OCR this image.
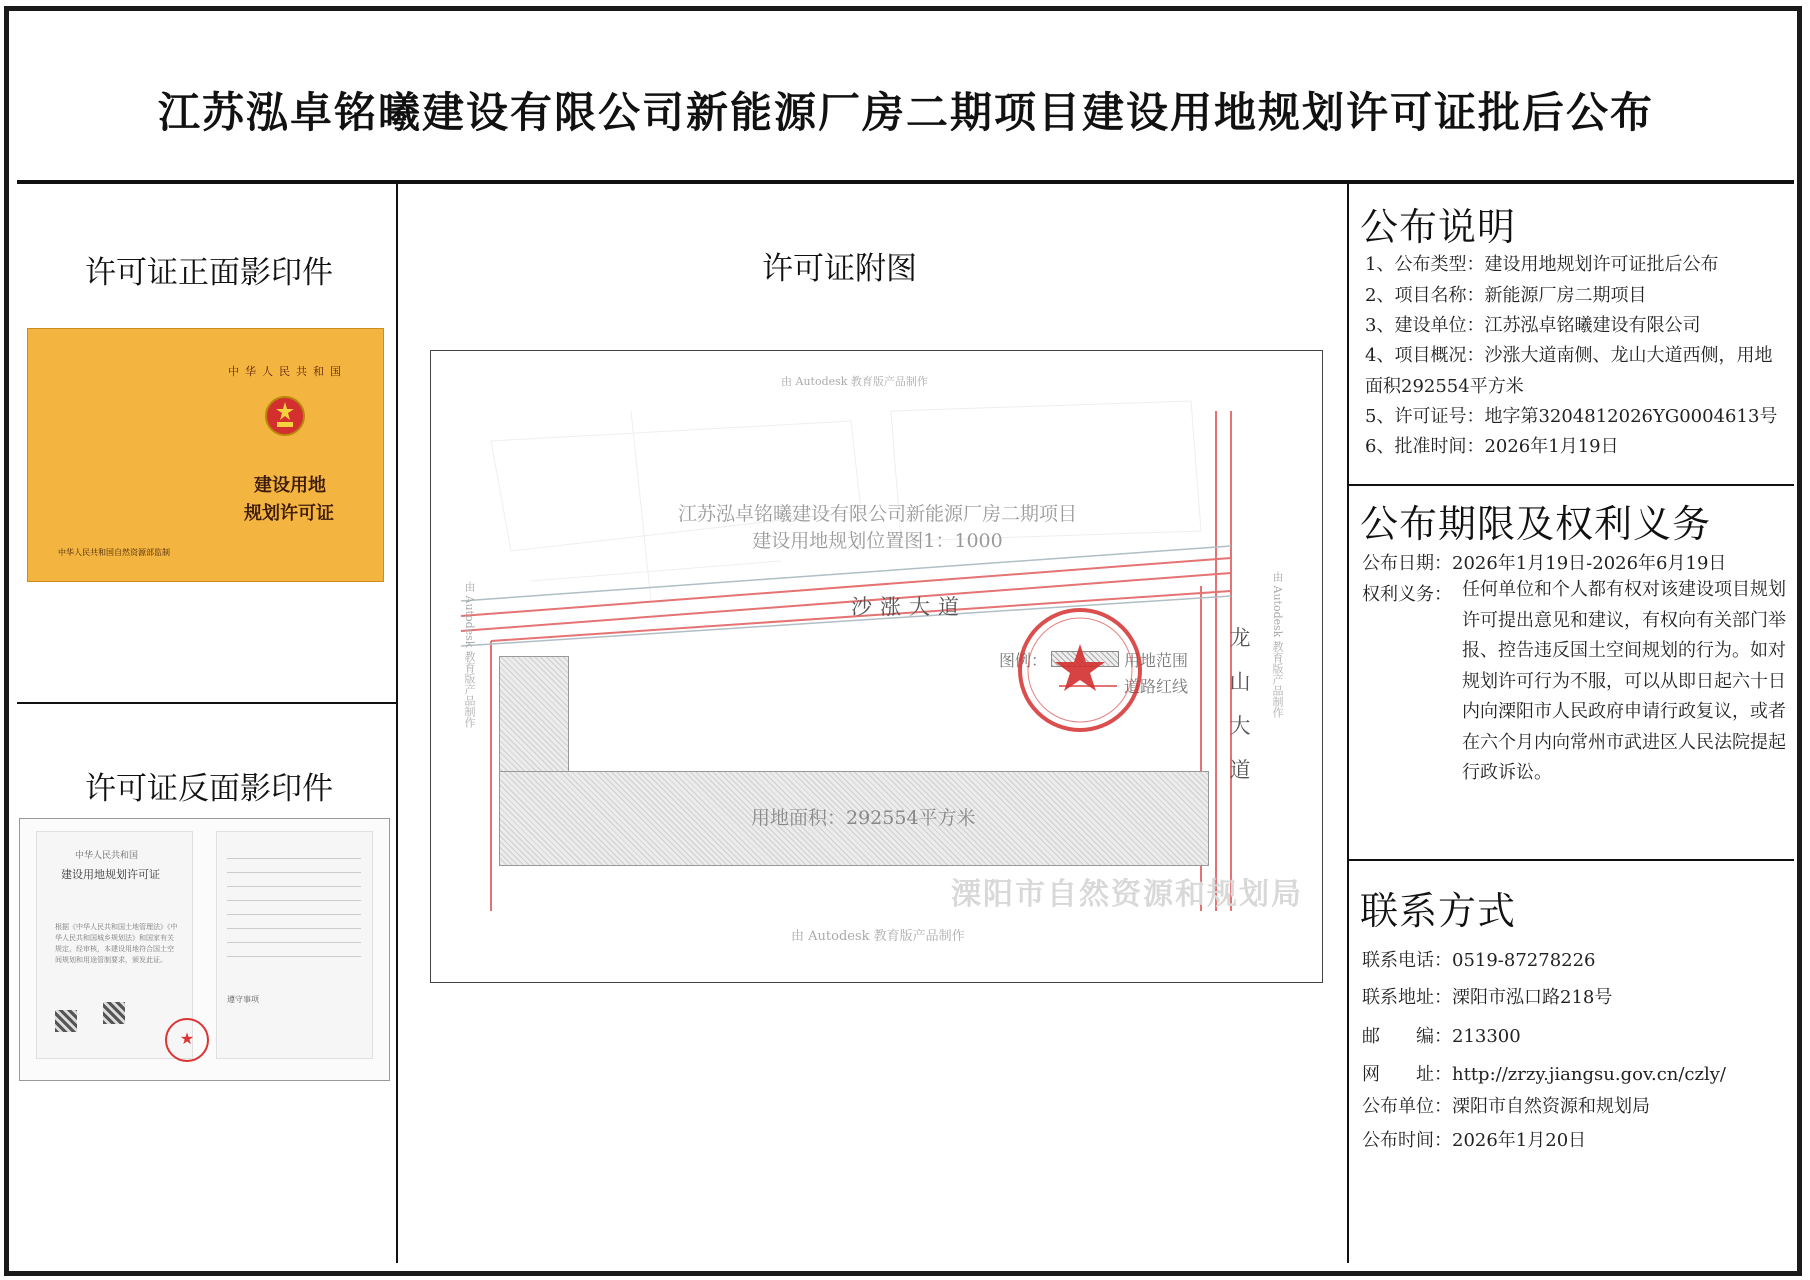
江苏泓卓铭曦建设有限公司新能源厂房二期项目建设用地规划许可证批后公布
许可证正面影印件
中华人民共和国
建设用地
规划许可证
中华人民共和国自然资源部监制
许可证反面影印件
中华人民共和国
建设用地规划许可证
根据《中华人民共和国土地管理法》《中华人民共和国城乡规划法》和国家有关规定，经审核，本建设用地符合国土空间规划和用途管制要求，颁发此证。
★
遵守事项
许可证附图
由 Autodesk 教育版产品制作
由 Autodesk 教育版产品制作	由 Autodesk 教育版产品制作
江苏泓卓铭曦建设有限公司新能源厂房二期项目
建设用地规划位置图1：1000
沙涨大道
龙
山
大
道
用地面积：292554平方米
图例：	用地范围
道路红线
溧阳市自然资源和规划局
由 Autodesk 教育版产品制作
公布说明
1、公布类型：建设用地规划许可证批后公布
2、项目名称：新能源厂房二期项目
3、建设单位：江苏泓卓铭曦建设有限公司
4、项目概况：沙涨大道南侧、龙山大道西侧，用地
面积292554平方米
5、许可证号：地字第3204812026YG0004613号
6、批准时间：2026年1月19日
公布期限及权利义务
公布日期：2026年1月19日-2026年6月19日
权利义务： 任何单位和个人都有权对该建设项目规划许可提出意见和建议，有权向有关部门举报、控告违反国土空间规划的行为。如对规划许可行为不服，可以从即日起六十日内向溧阳市人民政府申请行政复议，或者在六个月内向常州市武进区人民法院提起行政诉讼。
联系方式
联系电话：0519-87278226
联系地址：溧阳市泓口路218号
邮　　编：213300
网　　址：http://zrzy.jiangsu.gov.cn/czly/
公布单位：溧阳市自然资源和规划局
公布时间：2026年1月20日
